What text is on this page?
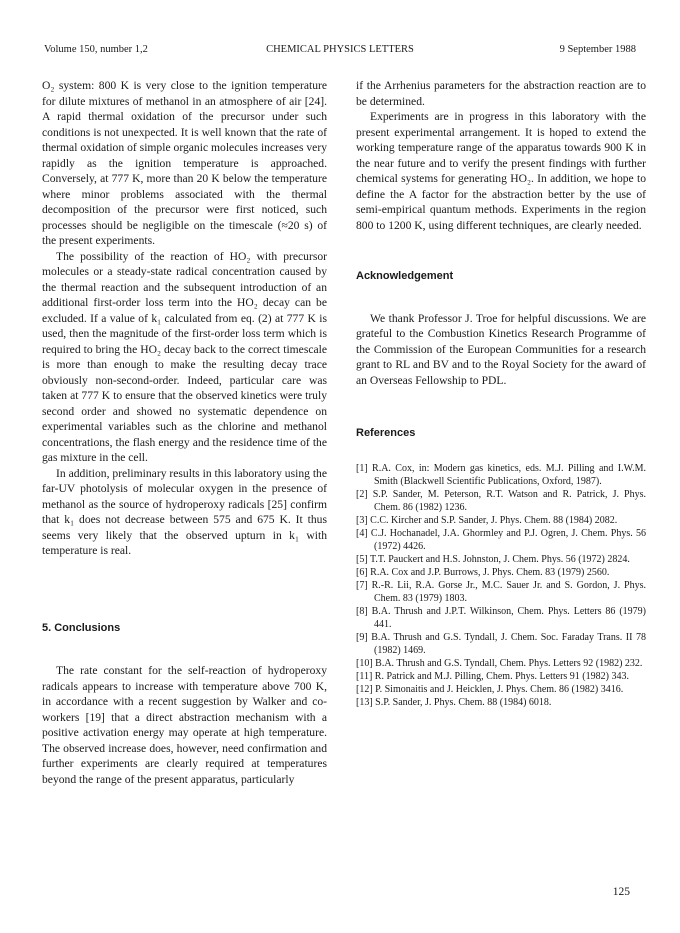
Volume 150, number 1,2	CHEMICAL PHYSICS LETTERS	9 September 1988

O₂ system: 800 K is very close to the ignition temperature for dilute mixtures of methanol in an atmosphere of air [24]. A rapid thermal oxidation of the precursor under such conditions is not unexpected. It is well known that the rate of thermal oxidation of simple organic molecules increases very rapidly as the ignition temperature is approached. Conversely, at 777 K, more than 20 K below the temperature where minor problems associated with the thermal decomposition of the precursor were first noticed, such processes should be negligible on the timescale (≈20 s) of the present experiments.

The possibility of the reaction of HO₂ with precursor molecules or a steady-state radical concentration caused by the thermal reaction and the subsequent introduction of an additional first-order loss term into the HO₂ decay can be excluded. If a value of k₁ calculated from eq. (2) at 777 K is used, then the magnitude of the first-order loss term which is required to bring the HO₂ decay back to the correct timescale is more than enough to make the resulting decay trace obviously non-second-order. Indeed, particular care was taken at 777 K to ensure that the observed kinetics were truly second order and showed no systematic dependence on experimental variables such as the chlorine and methanol concentrations, the flash energy and the residence time of the gas mixture in the cell.

In addition, preliminary results in this laboratory using the far-UV photolysis of molecular oxygen in the presence of methanol as the source of hydroperoxy radicals [25] confirm that k₁ does not decrease between 575 and 675 K. It thus seems very likely that the observed upturn in k₁ with temperature is real.

5. Conclusions

The rate constant for the self-reaction of hydroperoxy radicals appears to increase with temperature above 700 K, in accordance with a recent suggestion by Walker and co-workers [19] that a direct abstraction mechanism with a positive activation energy may operate at high temperature. The observed increase does, however, need confirmation and further experiments are clearly required at temperatures beyond the range of the present apparatus, particularly

if the Arrhenius parameters for the abstraction reaction are to be determined.

Experiments are in progress in this laboratory with the present experimental arrangement. It is hoped to extend the working temperature range of the apparatus towards 900 K in the near future and to verify the present findings with further chemical systems for generating HO₂. In addition, we hope to define the A factor for the abstraction better by the use of semi-empirical quantum methods. Experiments in the region 800 to 1200 K, using different techniques, are clearly needed.

Acknowledgement

We thank Professor J. Troe for helpful discussions. We are grateful to the Combustion Kinetics Research Programme of the Commission of the European Communities for a research grant to RL and BV and to the Royal Society for the award of an Overseas Fellowship to PDL.

References

[1] R.A. Cox, in: Modern gas kinetics, eds. M.J. Pilling and I.W.M. Smith (Blackwell Scientific Publications, Oxford, 1987).

[2] S.P. Sander, M. Peterson, R.T. Watson and R. Patrick, J. Phys. Chem. 86 (1982) 1236.

[3] C.C. Kircher and S.P. Sander, J. Phys. Chem. 88 (1984) 2082.

[4] C.J. Hochanadel, J.A. Ghormley and P.J. Ogren, J. Chem. Phys. 56 (1972) 4426.

[5] T.T. Pauckert and H.S. Johnston, J. Chem. Phys. 56 (1972) 2824.

[6] R.A. Cox and J.P. Burrows, J. Phys. Chem. 83 (1979) 2560.

[7] R.-R. Lii, R.A. Gorse Jr., M.C. Sauer Jr. and S. Gordon, J. Phys. Chem. 83 (1979) 1803.

[8] B.A. Thrush and J.P.T. Wilkinson, Chem. Phys. Letters 86 (1979) 441.

[9] B.A. Thrush and G.S. Tyndall, J. Chem. Soc. Faraday Trans. II 78 (1982) 1469.

[10] B.A. Thrush and G.S. Tyndall, Chem. Phys. Letters 92 (1982) 232.

[11] R. Patrick and M.J. Pilling, Chem. Phys. Letters 91 (1982) 343.

[12] P. Simonaitis and J. Heicklen, J. Phys. Chem. 86 (1982) 3416.

[13] S.P. Sander, J. Phys. Chem. 88 (1984) 6018.

125
